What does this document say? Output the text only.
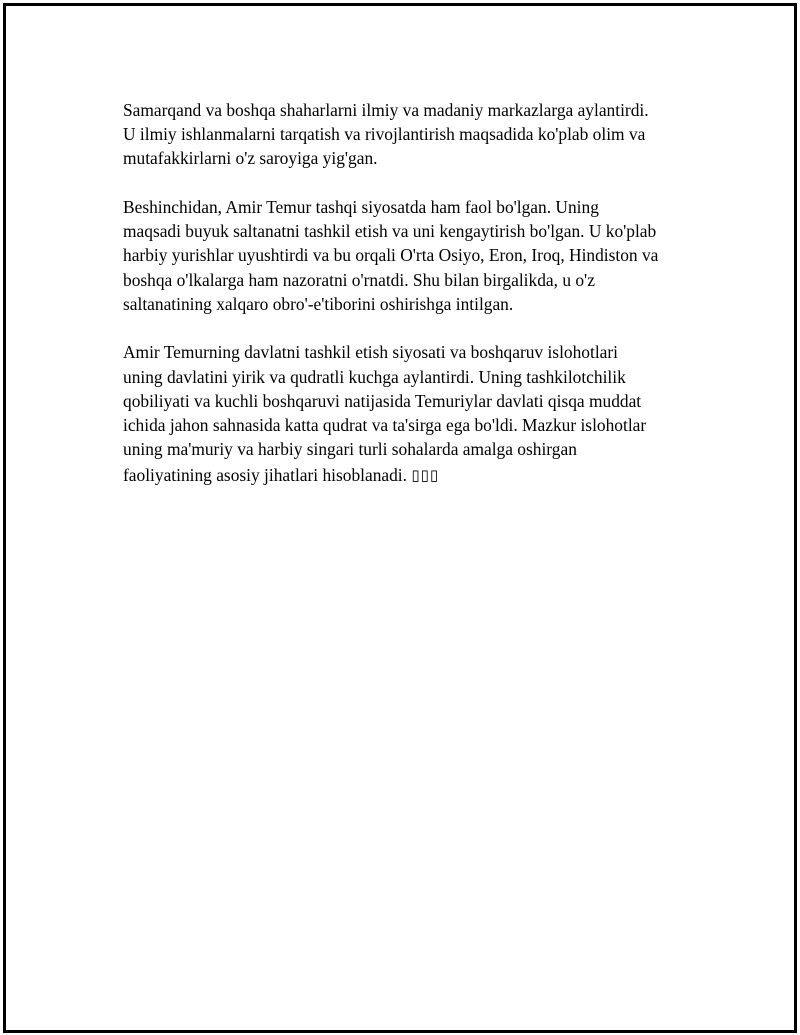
Samarqand va boshqa shaharlarni ilmiy va madaniy markazlarga aylantirdi.
U ilmiy ishlanmalarni tarqatish va rivojlantirish maqsadida ko'plab olim va
mutafakkirlarni o'z saroyiga yig'gan.

Beshinchidan, Amir Temur tashqi siyosatda ham faol bo'lgan. Uning
maqsadi buyuk saltanatni tashkil etish va uni kengaytirish bo'lgan. U ko'plab
harbiy yurishlar uyushtirdi va bu orqali O'rta Osiyo, Eron, Iroq, Hindiston va
boshqa o'lkalarga ham nazoratni o'rnatdi. Shu bilan birgalikda, u o'z
saltanatining xalqaro obro'-e'tiborini oshirishga intilgan.

Amir Temurning davlatni tashkil etish siyosati va boshqaruv islohotlari
uning davlatini yirik va qudratli kuchga aylantirdi. Uning tashkilotchilik
qobiliyati va kuchli boshqaruvi natijasida Temuriylar davlati qisqa muddat
ichida jahon sahnasida katta qudrat va ta'sirga ega bo'ldi. Mazkur islohotlar
uning ma'muriy va harbiy singari turli sohalarda amalga oshirgan
faoliyatining asosiy jihatlari hisoblanadi. ▯▯▯
